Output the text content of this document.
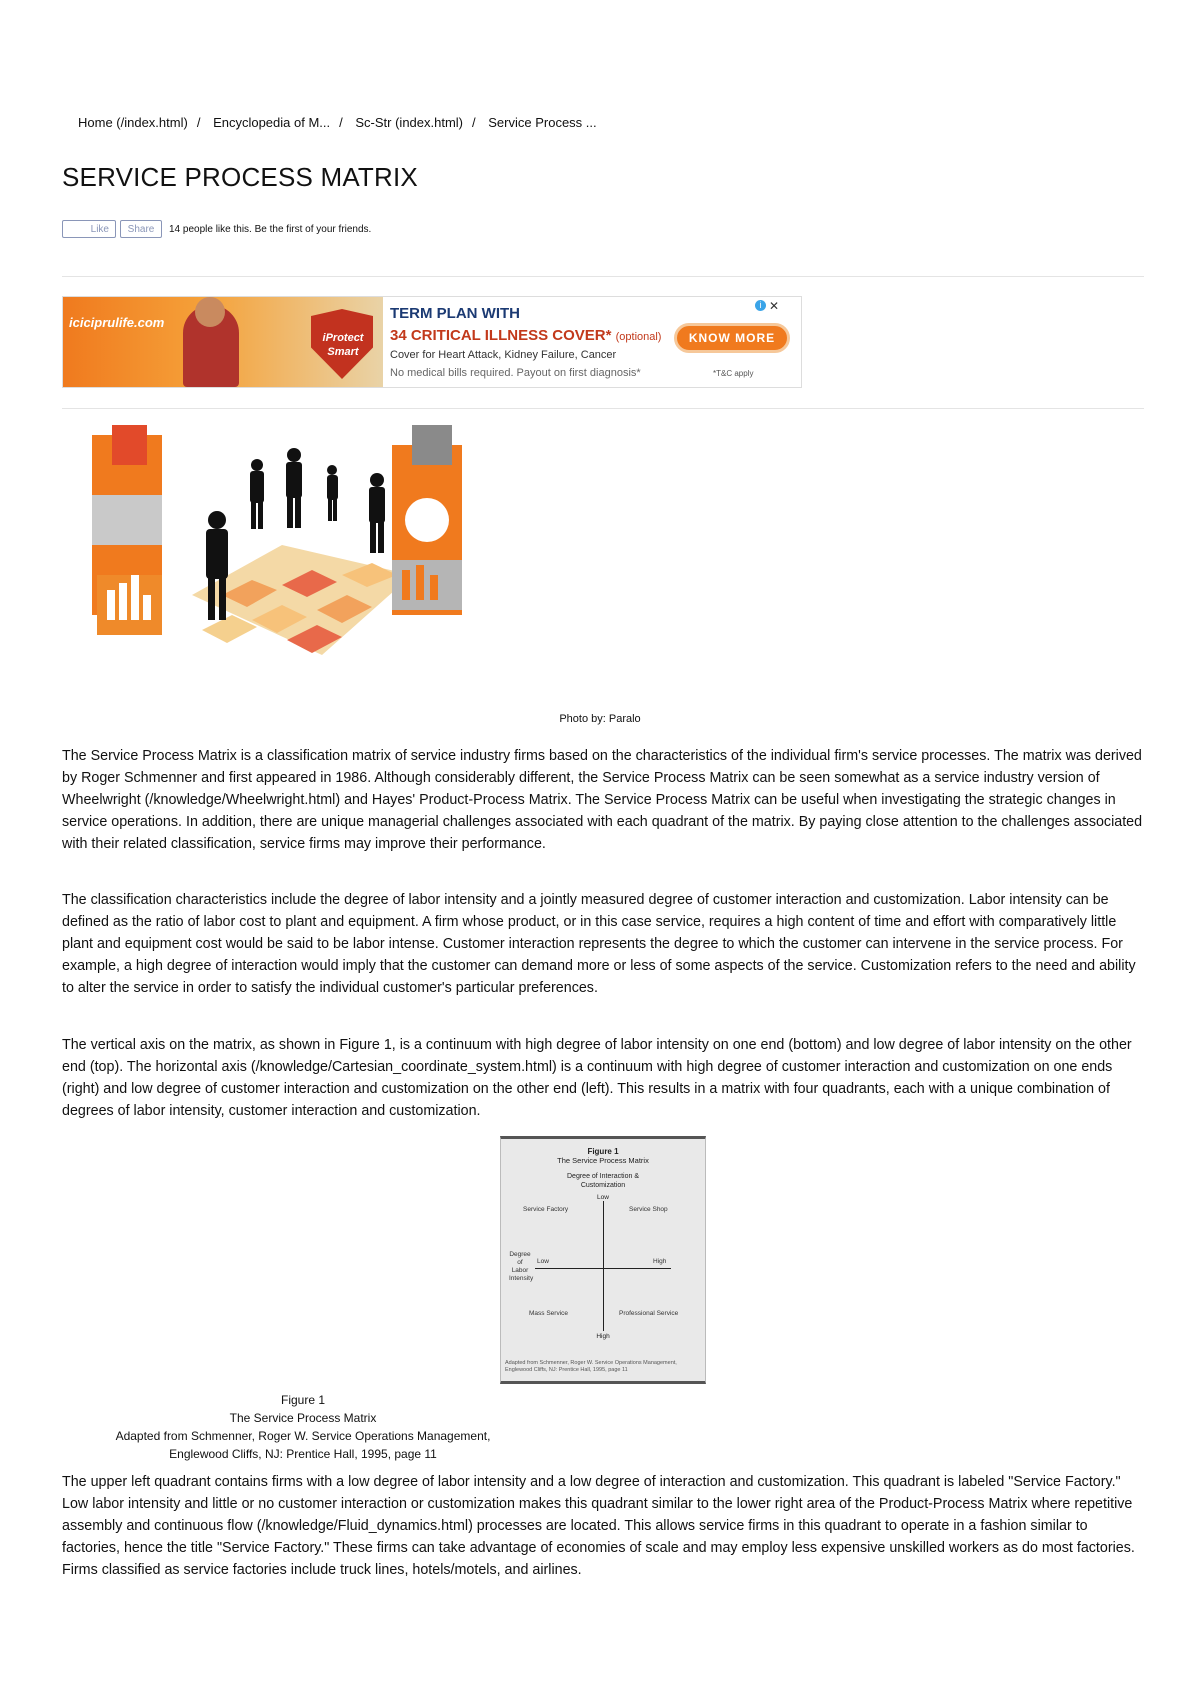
Home (/index.html) / Encyclopedia of M... / Sc-Str (index.html) / Service Process ...
SERVICE PROCESS MATRIX
Like	Share	14 people like this. Be the first of your friends.
iciciprulife.com
iProtect
Smart
TERM PLAN WITH
34 CRITICAL ILLNESS COVER* (optional)
Cover for Heart Attack, Kidney Failure, Cancer
No medical bills required. Payout on first diagnosis*
KNOW MORE
*T&C apply
i ✕
Photo by: Paralo

The Service Process Matrix is a classification matrix of service industry firms based on the characteristics of the individual firm's service processes. The matrix was derived by Roger Schmenner and first appeared in 1986. Although considerably different, the Service Process Matrix can be seen somewhat as a service industry version of Wheelwright (/knowledge/Wheelwright.html) and Hayes' Product-Process Matrix. The Service Process Matrix can be useful when investigating the strategic changes in service operations. In addition, there are unique managerial challenges associated with each quadrant of the matrix. By paying close attention to the challenges associated with their related classification, service firms may improve their performance.

The classification characteristics include the degree of labor intensity and a jointly measured degree of customer interaction and customization. Labor intensity can be defined as the ratio of labor cost to plant and equipment. A firm whose product, or in this case service, requires a high content of time and effort with comparatively little plant and equipment cost would be said to be labor intense. Customer interaction represents the degree to which the customer can intervene in the service process. For example, a high degree of interaction would imply that the customer can demand more or less of some aspects of the service. Customization refers to the need and ability to alter the service in order to satisfy the individual customer's particular preferences.

The vertical axis on the matrix, as shown in Figure 1, is a continuum with high degree of labor intensity on one end (bottom) and low degree of labor intensity on the other end (top). The horizontal axis (/knowledge/Cartesian_coordinate_system.html) is a continuum with high degree of customer interaction and customization on one ends (right) and low degree of customer interaction and customization on the other end (left). This results in a matrix with four quadrants, each with a unique combination of degrees of labor intensity, customer interaction and customization.

Figure 1
The Service Process Matrix
Degree of Interaction & Customization
Low
Service Factory	Service Shop
Degree of Labor Intensity
Low	High
Mass Service	Professional Service
High
Adapted from Schmenner, Roger W. Service Operations Management, Englewood Cliffs, NJ: Prentice Hall, 1995, page 11
Figure 1
The Service Process Matrix
Adapted from Schmenner, Roger W. Service Operations Management,
Englewood Cliffs, NJ: Prentice Hall, 1995, page 11

The upper left quadrant contains firms with a low degree of labor intensity and a low degree of interaction and customization. This quadrant is labeled "Service Factory." Low labor intensity and little or no customer interaction or customization makes this quadrant similar to the lower right area of the Product-Process Matrix where repetitive assembly and continuous flow (/knowledge/Fluid_dynamics.html) processes are located. This allows service firms in this quadrant to operate in a fashion similar to factories, hence the title "Service Factory." These firms can take advantage of economies of scale and may employ less expensive unskilled workers as do most factories. Firms classified as service factories include truck lines, hotels/motels, and airlines.
